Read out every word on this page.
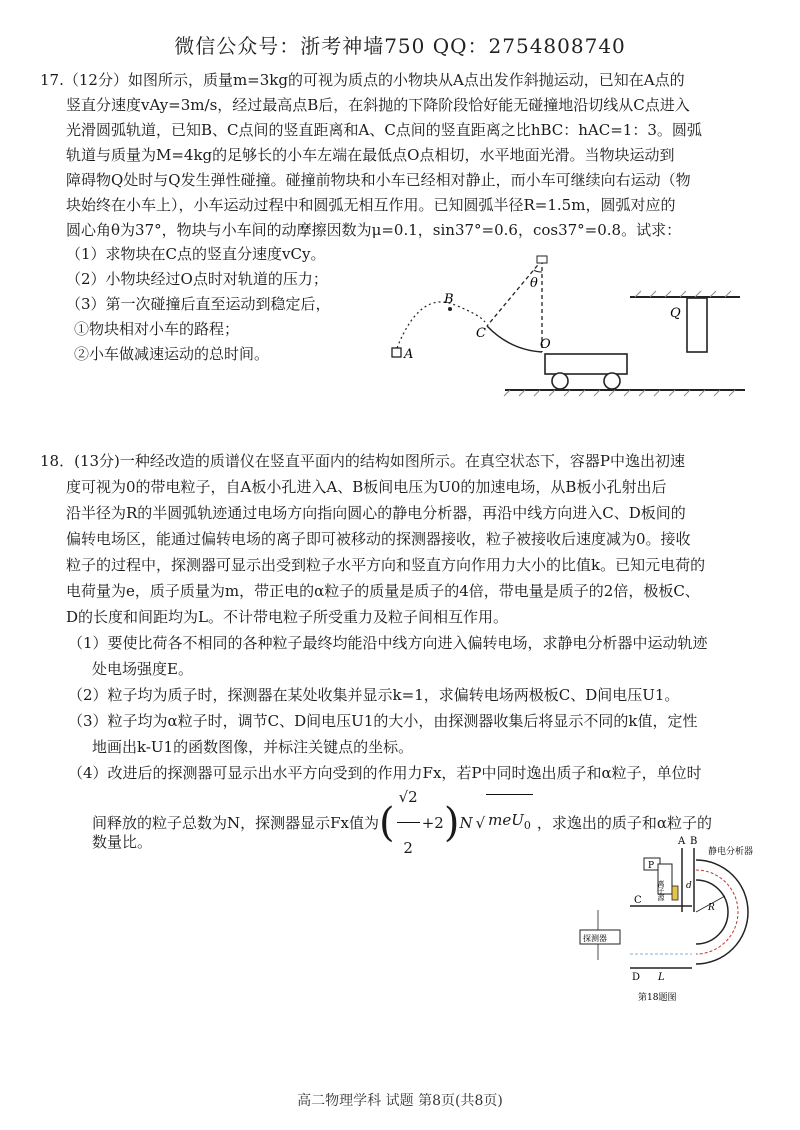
微信公众号：浙考神墙750 QQ：2754808740
17.（12分）如图所示，质量m=3kg的可视为质点的小物块从A点出发作斜抛运动，已知在A点的
竖直分速度vAy=3m/s，经过最高点B后，在斜抛的下降阶段恰好能无碰撞地沿切线从C点进入
光滑圆弧轨道，已知B、C点间的竖直距离和A、C点间的竖直距离之比hBC：hAC=1：3。圆弧
轨道与质量为M=4kg的足够长的小车左端在最低点O点相切，水平地面光滑。当物块运动到
障碍物Q处时与Q发生弹性碰撞。碰撞前物块和小车已经相对静止，而小车可继续向右运动（物
块始终在小车上），小车运动过程中和圆弧无相互作用。已知圆弧半径R=1.5m，圆弧对应的
圆心角θ为37°，物块与小车间的动摩擦因数为μ=0.1，sin37°=0.6，cos37°=0.8。试求：
（1）求物块在C点的竖直分速度vCy。
（2）小物块经过O点时对轨道的压力；
（3）第一次碰撞后直至运动到稳定后，
①物块相对小车的路程；
②小车做减速运动的总时间。	A
B
C
θ
O
Q
18．(13分)一种经改造的质谱仪在竖直平面内的结构如图所示。在真空状态下，容器P中逸出初速
度可视为0的带电粒子，自A板小孔进入A、B板间电压为U0的加速电场，从B板小孔射出后
沿半径为R的半圆弧轨迹通过电场方向指向圆心的静电分析器，再沿中线方向进入C、D板间的
偏转电场区，能通过偏转电场的离子即可被移动的探测器接收，粒子被接收后速度减为0。接收
粒子的过程中，探测器可显示出受到粒子水平方向和竖直方向作用力大小的比值k。已知元电荷的
电荷量为e，质子质量为m，带正电的α粒子的质量是质子的4倍，带电量是质子的2倍，极板C、
D的长度和间距均为L。不计带电粒子所受重力及粒子间相互作用。
（1）要使比荷各不相同的各种粒子最终均能沿中线方向进入偏转电场，求静电分析器中运动轨迹
处电场强度E。
（2）粒子均为质子时，探测器在某处收集并显示k=1，求偏转电场两极板C、D间电压U1。
（3）粒子均为α粒子时，调节C、D间电压U1的大小，由探测器收集后将显示不同的k值，定性
地画出k-U1的函数图像，并标注关键点的坐标。
（4）改进后的探测器可显示出水平方向受到的作用力Fx，若P中同时逸出质子和α粒子，单位时
间释放的粒子总数为N，探测器显示Fx值为 (
√2
2
+2 ) N √ meU$_0$ ，求逸出的质子和α粒子的
数量比。	A B
静电分析器
P
离子源 d
R
C
D L
探测器
第18题图
高二物理学科 试题 第8页(共8页)
